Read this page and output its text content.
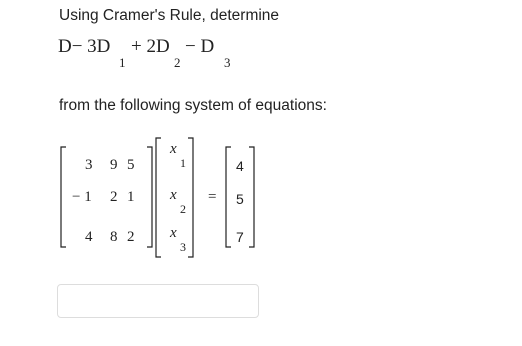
Using Cramer's Rule, determine
D− 3D
1
+ 2D
2
− D
3
from the following system of equations:
3 9 5
− 1 2 1
4 8 2
x
1
x
2
x
3
=
4
5
7
